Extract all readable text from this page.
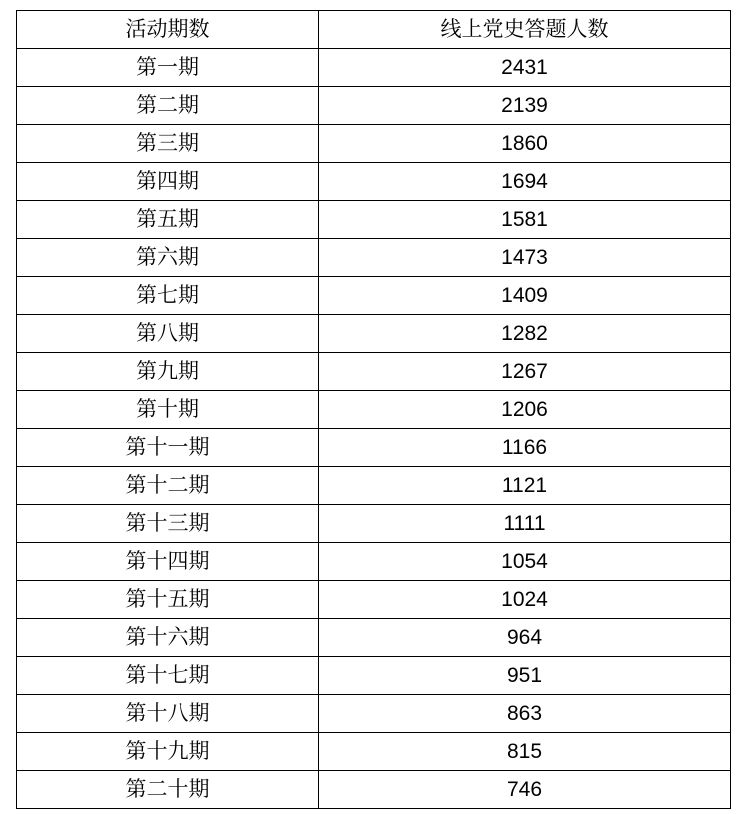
活动期数	线上党史答题人数
第一期	2431
第二期	2139
第三期	1860
第四期	1694
第五期	1581
第六期	1473
第七期	1409
第八期	1282
第九期	1267
第十期	1206
第十一期	1166
第十二期	1121
第十三期	1111
第十四期	1054
第十五期	1024
第十六期	964
第十七期	951
第十八期	863
第十九期	815
第二十期	746
